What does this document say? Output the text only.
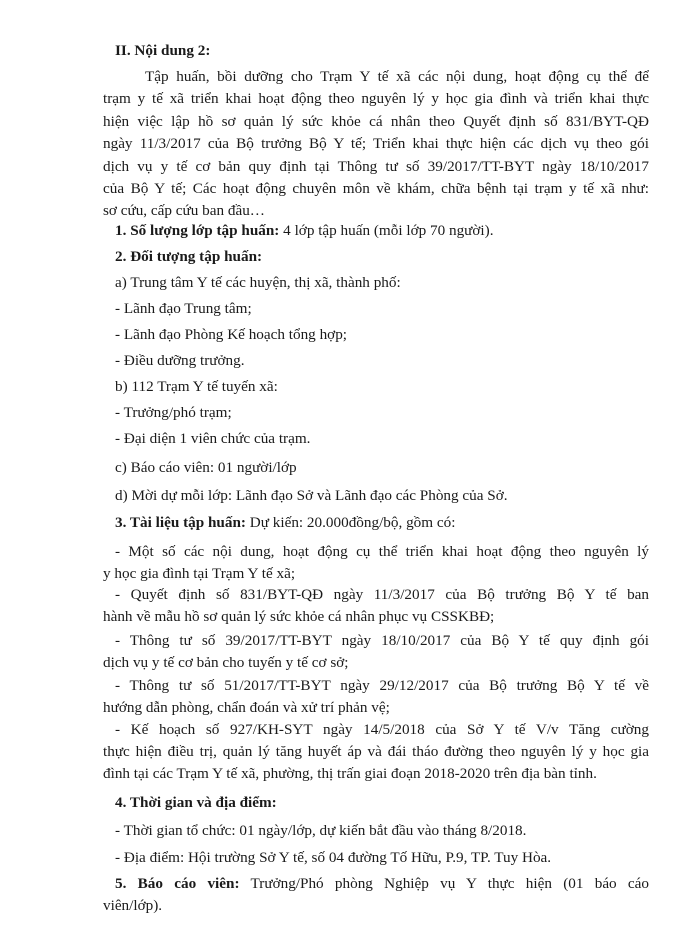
II. Nội dung 2:
Tập huấn, bồi dưỡng cho Trạm Y tế xã các nội dung, hoạt động cụ thể để
trạm y tế xã triển khai hoạt động theo nguyên lý y học gia đình và triển khai thực
hiện việc lập hồ sơ quản lý sức khỏe cá nhân theo Quyết định số 831/BYT-QĐ
ngày 11/3/2017 của Bộ trưởng Bộ Y tế; Triển khai thực hiện các dịch vụ theo gói
dịch vụ y tế cơ bản quy định tại Thông tư số 39/2017/TT-BYT ngày 18/10/2017
của Bộ Y tế; Các hoạt động chuyên môn về khám, chữa bệnh tại trạm y tế xã như:
sơ cứu, cấp cứu ban đầu…
1. Số lượng lớp tập huấn: 4 lớp tập huấn (mỗi lớp 70 người).
2. Đối tượng tập huấn:
a) Trung tâm Y tế các huyện, thị xã, thành phố:
- Lãnh đạo Trung tâm;
- Lãnh đạo Phòng Kế hoạch tổng hợp;
- Điều dưỡng trưởng.
b) 112 Trạm Y tế tuyến xã:
- Trưởng/phó trạm;
- Đại diện 1 viên chức của trạm.
c) Báo cáo viên: 01 người/lớp
d) Mời dự mỗi lớp: Lãnh đạo Sở và Lãnh đạo các Phòng của Sở.
3. Tài liệu tập huấn: Dự kiến: 20.000đồng/bộ, gồm có:
- Một số các nội dung, hoạt động cụ thể triển khai hoạt động theo nguyên lý
y học gia đình tại Trạm Y tế xã;
- Quyết định số 831/BYT-QĐ ngày 11/3/2017 của Bộ trưởng Bộ Y tế ban
hành về mẫu hồ sơ quản lý sức khỏe cá nhân phục vụ CSSKBĐ;
- Thông tư số 39/2017/TT-BYT ngày 18/10/2017 của Bộ Y tế quy định gói
dịch vụ y tế cơ bản cho tuyến y tế cơ sở;
- Thông tư số 51/2017/TT-BYT ngày 29/12/2017 của Bộ trưởng Bộ Y tế về
hướng dẫn phòng, chẩn đoán và xử trí phản vệ;
- Kế hoạch số 927/KH-SYT ngày 14/5/2018 của Sở Y tế V/v Tăng cường
thực hiện điều trị, quản lý tăng huyết áp và đái tháo đường theo nguyên lý y học gia
đình tại các Trạm Y tế xã, phường, thị trấn giai đoạn 2018-2020 trên địa bàn tỉnh.
4. Thời gian và địa điểm:
- Thời gian tổ chức: 01 ngày/lớp, dự kiến bắt đầu vào tháng 8/2018.
- Địa điểm: Hội trường Sở Y tế, số 04 đường Tố Hữu, P.9, TP. Tuy Hòa.
5. Báo cáo viên: Trưởng/Phó phòng Nghiệp vụ Y thực hiện (01 báo cáo
viên/lớp).
